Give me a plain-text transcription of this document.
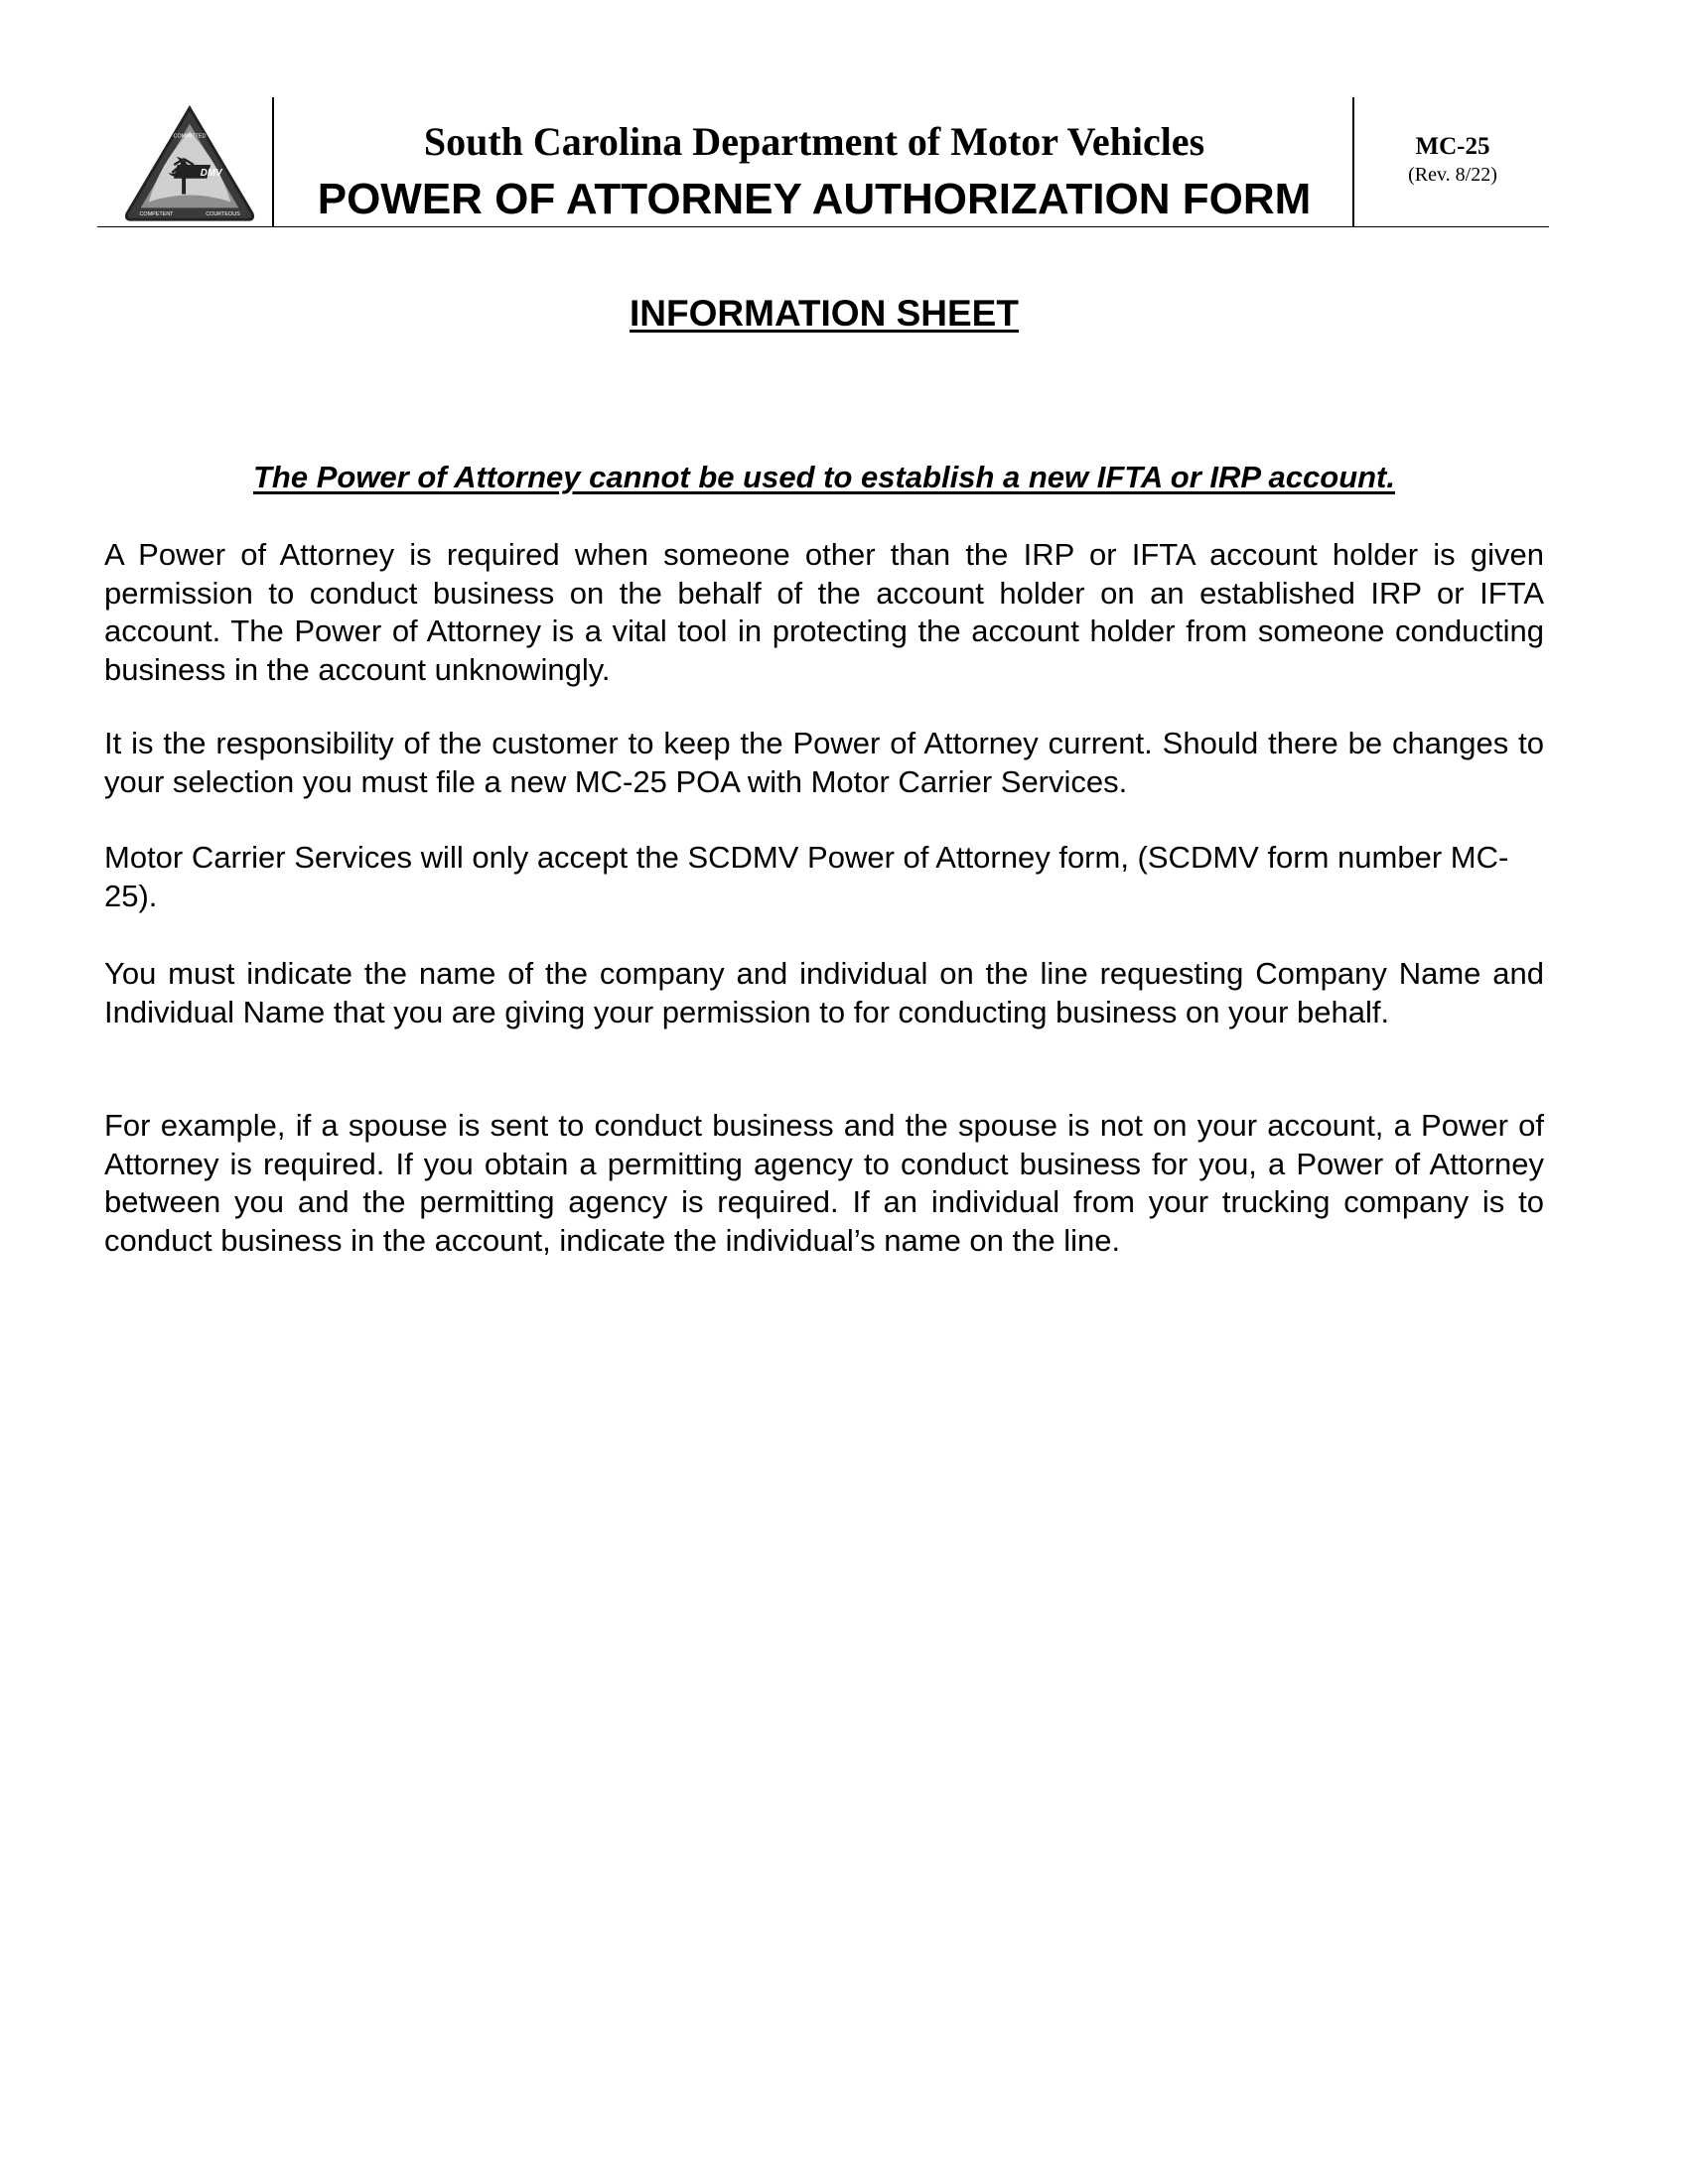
DMV
COMMITTED
COMPETENT	COURTEOUS
South Carolina Department of Motor Vehicles
POWER OF ATTORNEY AUTHORIZATION FORM
MC-25
(Rev. 8/22)
INFORMATION SHEET
The Power of Attorney cannot be used to establish a new IFTA or IRP account.

A Power of Attorney is required when someone other than the IRP or IFTA account holder is given permission to conduct business on the behalf of the account holder on an established IRP or IFTA account. The Power of Attorney is a vital tool in protecting the account holder from someone conducting business in the account unknowingly.

It is the responsibility of the customer to keep the Power of Attorney current. Should there be changes to your selection you must file a new MC-25 POA with Motor Carrier Services.

Motor Carrier Services will only accept the SCDMV Power of Attorney form, (SCDMV form number MC-25).

You must indicate the name of the company and individual on the line requesting Company Name and Individual Name that you are giving your permission to for conducting business on your behalf.

For example, if a spouse is sent to conduct business and the spouse is not on your account, a Power of Attorney is required. If you obtain a permitting agency to conduct business for you, a Power of Attorney between you and the permitting agency is required. If an individual from your trucking company is to conduct business in the account, indicate the individual’s name on the line.
